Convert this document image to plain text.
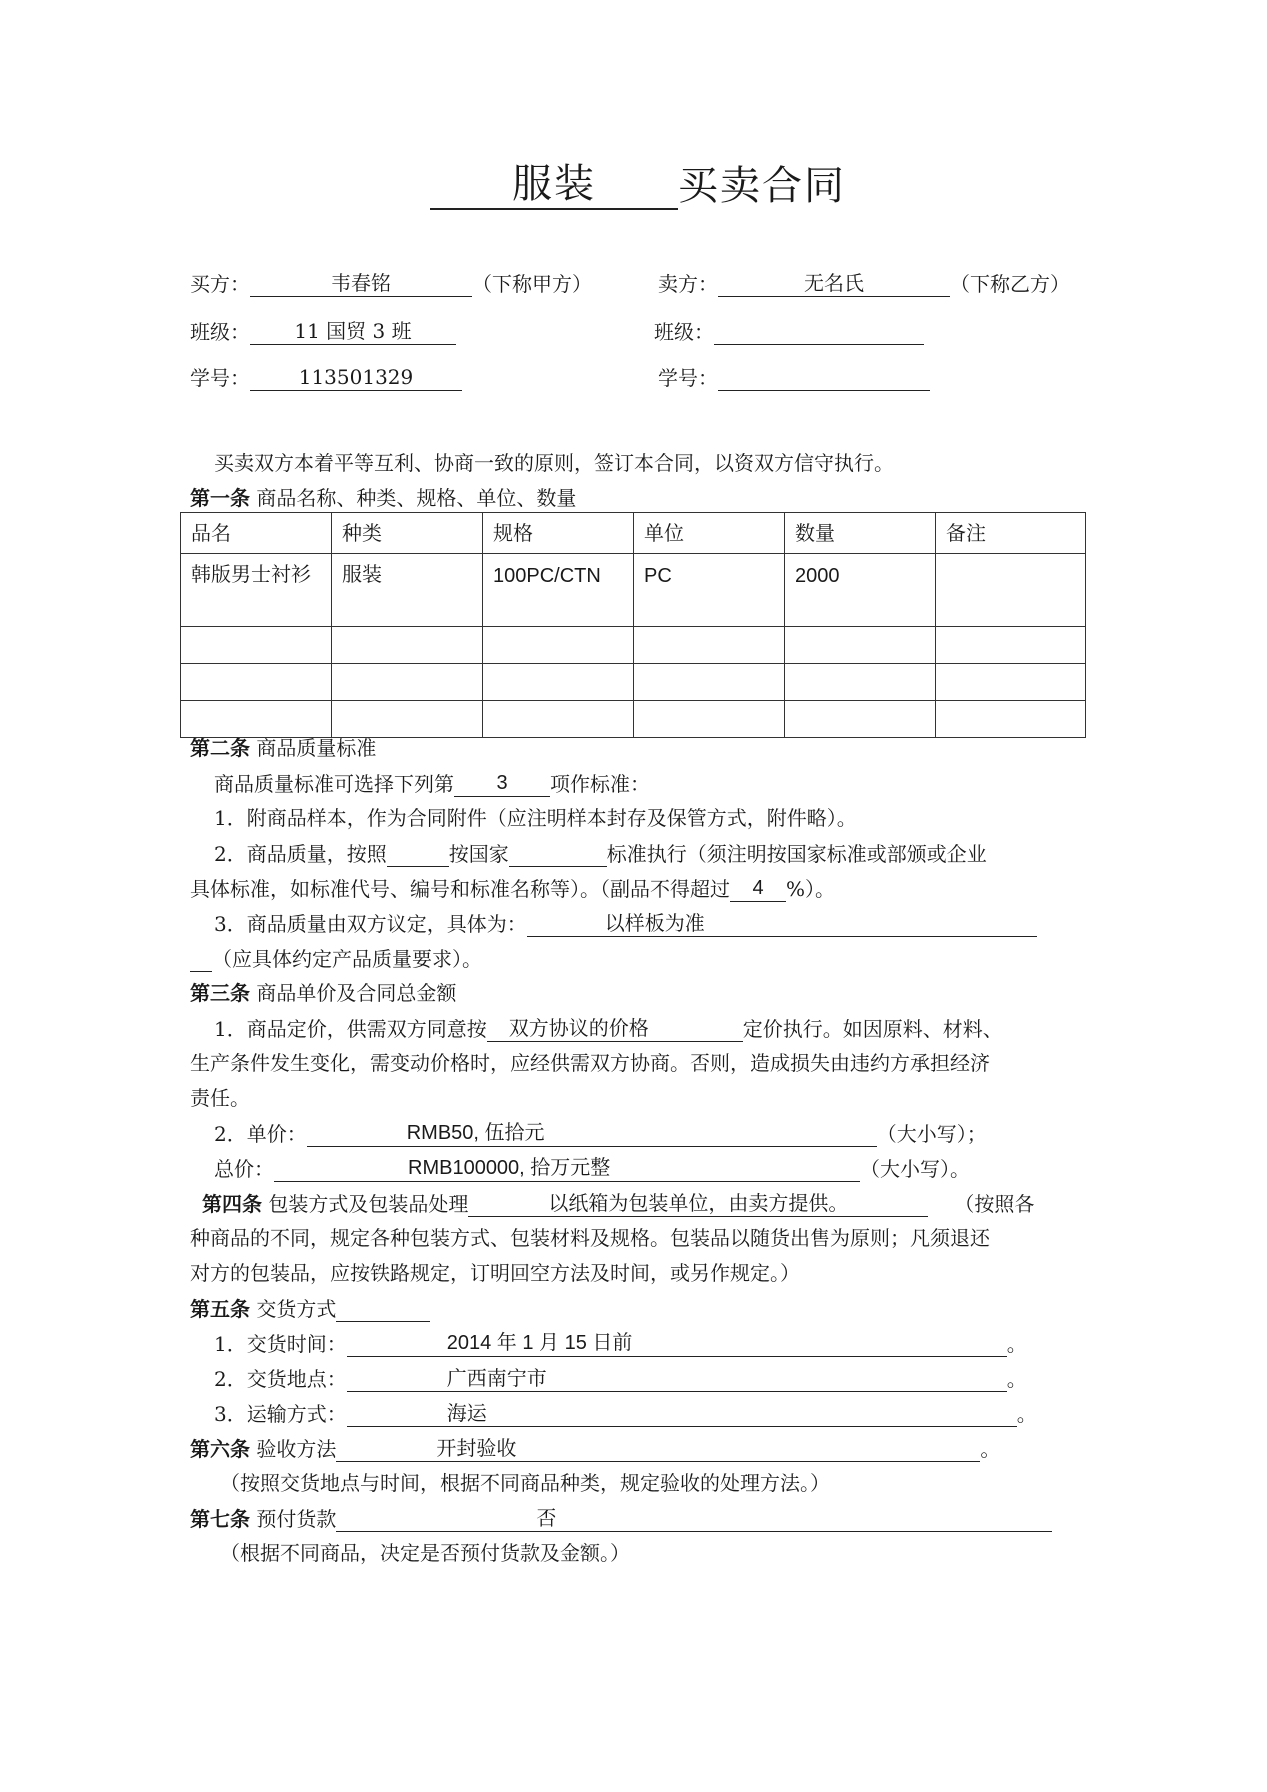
服装 买卖合同
买方：	韦春铭	（下称甲方）	卖方：	无名氏	（下称乙方）
班级： 11 国贸 3 班	班级：
学号： 113501329	学号：
买卖双方本着平等互利、协商一致的原则，签订本合同，以资双方信守执行。
第一条 商品名称、种类、规格、单位、数量
品名	种类	规格	单位	数量	备注
韩版男士衬衫	服装	100PC/CTN	PC	2000	

第二条 商品质量标准
商品质量标准可选择下列第 3 项作标准：
1．附商品样本，作为合同附件（应注明样本封存及保管方式，附件略）。
2．商品质量，按照	按国家	标准执行（须注明按国家标准或部颁或企业
具体标准，如标准代号、编号和标准名称等）。（副品不得超过 4 %）。
3．商品质量由双方议定，具体为：	以样板为准
（应具体约定产品质量要求）。
第三条 商品单价及合同总金额
1．商品定价，供需双方同意按 双方协议的价格	定价执行。如因原料、材料、
生产条件发生变化，需变动价格时，应经供需双方协商。否则，造成损失由违约方承担经济
责任。
2．单价：	RMB50, 伍拾元	（大小写）；
总价：	RMB100000, 拾万元整	（大小写）。
第四条 包装方式及包装品处理	以纸箱为包装单位，由卖方提供。	（按照各
种商品的不同，规定各种包装方式、包装材料及规格。包装品以随货出售为原则；凡须退还
对方的包装品，应按铁路规定，订明回空方法及时间，或另作规定。）
第五条 交货方式
1．交货时间：	2014 年 1 月 15 日前	。
2．交货地点：	广西南宁市	。
3．运输方式：	海运	。
第六条 验收方法	开封验收	。
（按照交货地点与时间，根据不同商品种类，规定验收的处理方法。）
第七条 预付货款	否
（根据不同商品，决定是否预付货款及金额。）
